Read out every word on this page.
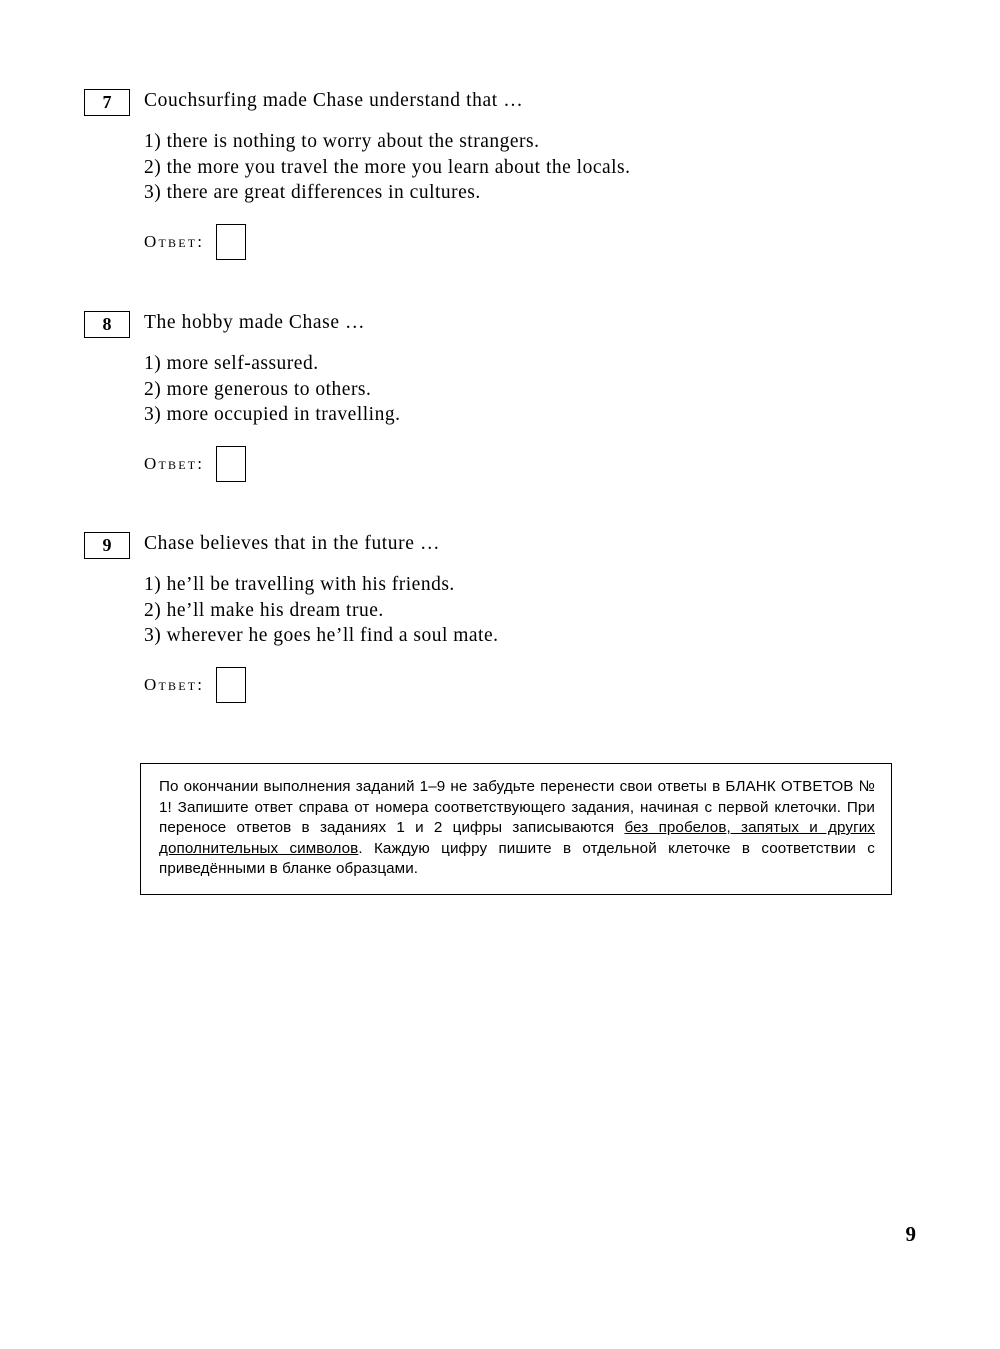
7	Couchsurfing made Chase understand that …
1) there is nothing to worry about the strangers.
2) the more you travel the more you learn about the locals.
3) there are great differences in cultures.
Ответ:
8	The hobby made Chase …
1) more self-assured.
2) more generous to others.
3) more occupied in travelling.
Ответ:
9	Chase believes that in the future …
1) he’ll be travelling with his friends.
2) he’ll make his dream true.
3) wherever he goes he’ll find a soul mate.
Ответ:
По окончании выполнения заданий 1–9 не забудьте перенести свои ответы в БЛАНК ОТВЕТОВ № 1! Запишите ответ справа от номера соответствующего задания, начиная с первой клеточки. При переносе ответов в заданиях 1 и 2 цифры записываются без пробелов, запятых и других дополнительных символов. Каждую цифру пишите в отдельной клеточке в соответствии с приведёнными в бланке образцами.
9
